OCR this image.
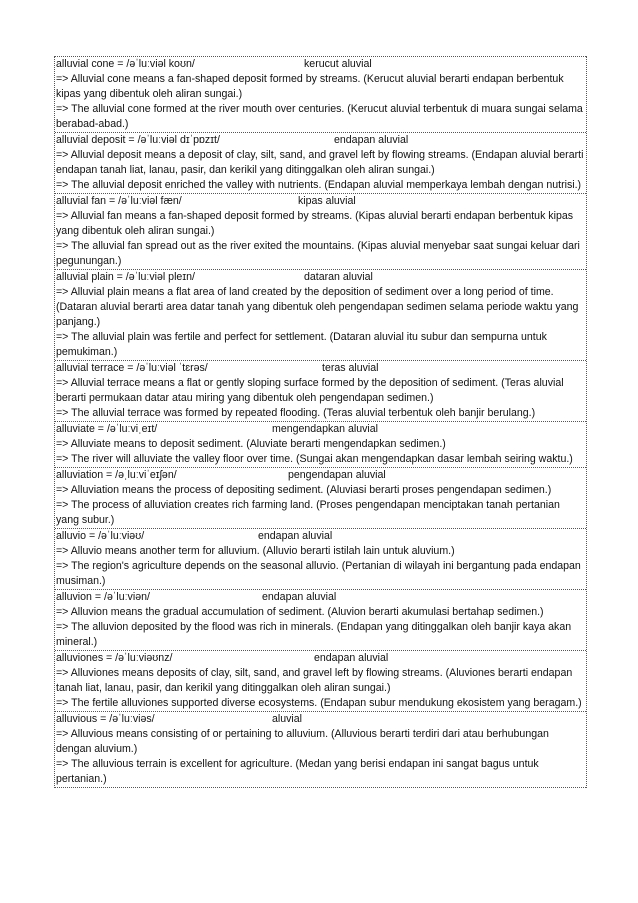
alluvial cone = /əˈluːviəl koʊn/	kerucut aluvial

=> Alluvial cone means a fan-shaped deposit formed by streams. (Kerucut aluvial berarti endapan berbentuk kipas yang dibentuk oleh aliran sungai.)

=> The alluvial cone formed at the river mouth over centuries. (Kerucut aluvial terbentuk di muara sungai selama berabad-abad.)

alluvial deposit = /əˈluːviəl dɪˈpɒzɪt/	endapan aluvial

=> Alluvial deposit means a deposit of clay, silt, sand, and gravel left by flowing streams. (Endapan aluvial berarti endapan tanah liat, lanau, pasir, dan kerikil yang ditinggalkan oleh aliran sungai.)

=> The alluvial deposit enriched the valley with nutrients. (Endapan aluvial memperkaya lembah dengan nutrisi.)

alluvial fan = /əˈluːviəl fæn/	kipas aluvial

=> Alluvial fan means a fan-shaped deposit formed by streams. (Kipas aluvial berarti endapan berbentuk kipas yang dibentuk oleh aliran sungai.)

=> The alluvial fan spread out as the river exited the mountains. (Kipas aluvial menyebar saat sungai keluar dari pegunungan.)

alluvial plain = /əˈluːviəl pleɪn/	dataran aluvial

=> Alluvial plain means a flat area of land created by the deposition of sediment over a long period of time. (Dataran aluvial berarti area datar tanah yang dibentuk oleh pengendapan sedimen selama periode waktu yang panjang.)

=> The alluvial plain was fertile and perfect for settlement. (Dataran aluvial itu subur dan sempurna untuk pemukiman.)

alluvial terrace = /əˈluːviəl ˈtɛrəs/	teras aluvial

=> Alluvial terrace means a flat or gently sloping surface formed by the deposition of sediment. (Teras aluvial berarti permukaan datar atau miring yang dibentuk oleh pengendapan sedimen.)

=> The alluvial terrace was formed by repeated flooding. (Teras aluvial terbentuk oleh banjir berulang.)

alluviate = /əˈluːviˌeɪt/	mengendapkan aluvial

=> Alluviate means to deposit sediment. (Aluviate berarti mengendapkan sedimen.)

=> The river will alluviate the valley floor over time. (Sungai akan mengendapkan dasar lembah seiring waktu.)

alluviation = /əˌluːviˈeɪʃən/	pengendapan aluvial

=> Alluviation means the process of depositing sediment. (Aluviasi berarti proses pengendapan sedimen.)

=> The process of alluviation creates rich farming land. (Proses pengendapan menciptakan tanah pertanian yang subur.)

alluvio = /əˈluːviəʊ/	endapan aluvial

=> Alluvio means another term for alluvium. (Alluvio berarti istilah lain untuk aluvium.)

=> The region's agriculture depends on the seasonal alluvio. (Pertanian di wilayah ini bergantung pada endapan musiman.)

alluvion = /əˈluːviən/	endapan aluvial

=> Alluvion means the gradual accumulation of sediment. (Aluvion berarti akumulasi bertahap sedimen.)

=> The alluvion deposited by the flood was rich in minerals. (Endapan yang ditinggalkan oleh banjir kaya akan mineral.)

alluviones = /əˈluːviəʊnz/	endapan aluvial

=> Alluviones means deposits of clay, silt, sand, and gravel left by flowing streams. (Aluviones berarti endapan tanah liat, lanau, pasir, dan kerikil yang ditinggalkan oleh aliran sungai.)

=> The fertile alluviones supported diverse ecosystems. (Endapan subur mendukung ekosistem yang beragam.)

alluvious = /əˈluːviəs/	aluvial

=> Alluvious means consisting of or pertaining to alluvium. (Alluvious berarti terdiri dari atau berhubungan dengan aluvium.)

=> The alluvious terrain is excellent for agriculture. (Medan yang berisi endapan ini sangat bagus untuk pertanian.)
